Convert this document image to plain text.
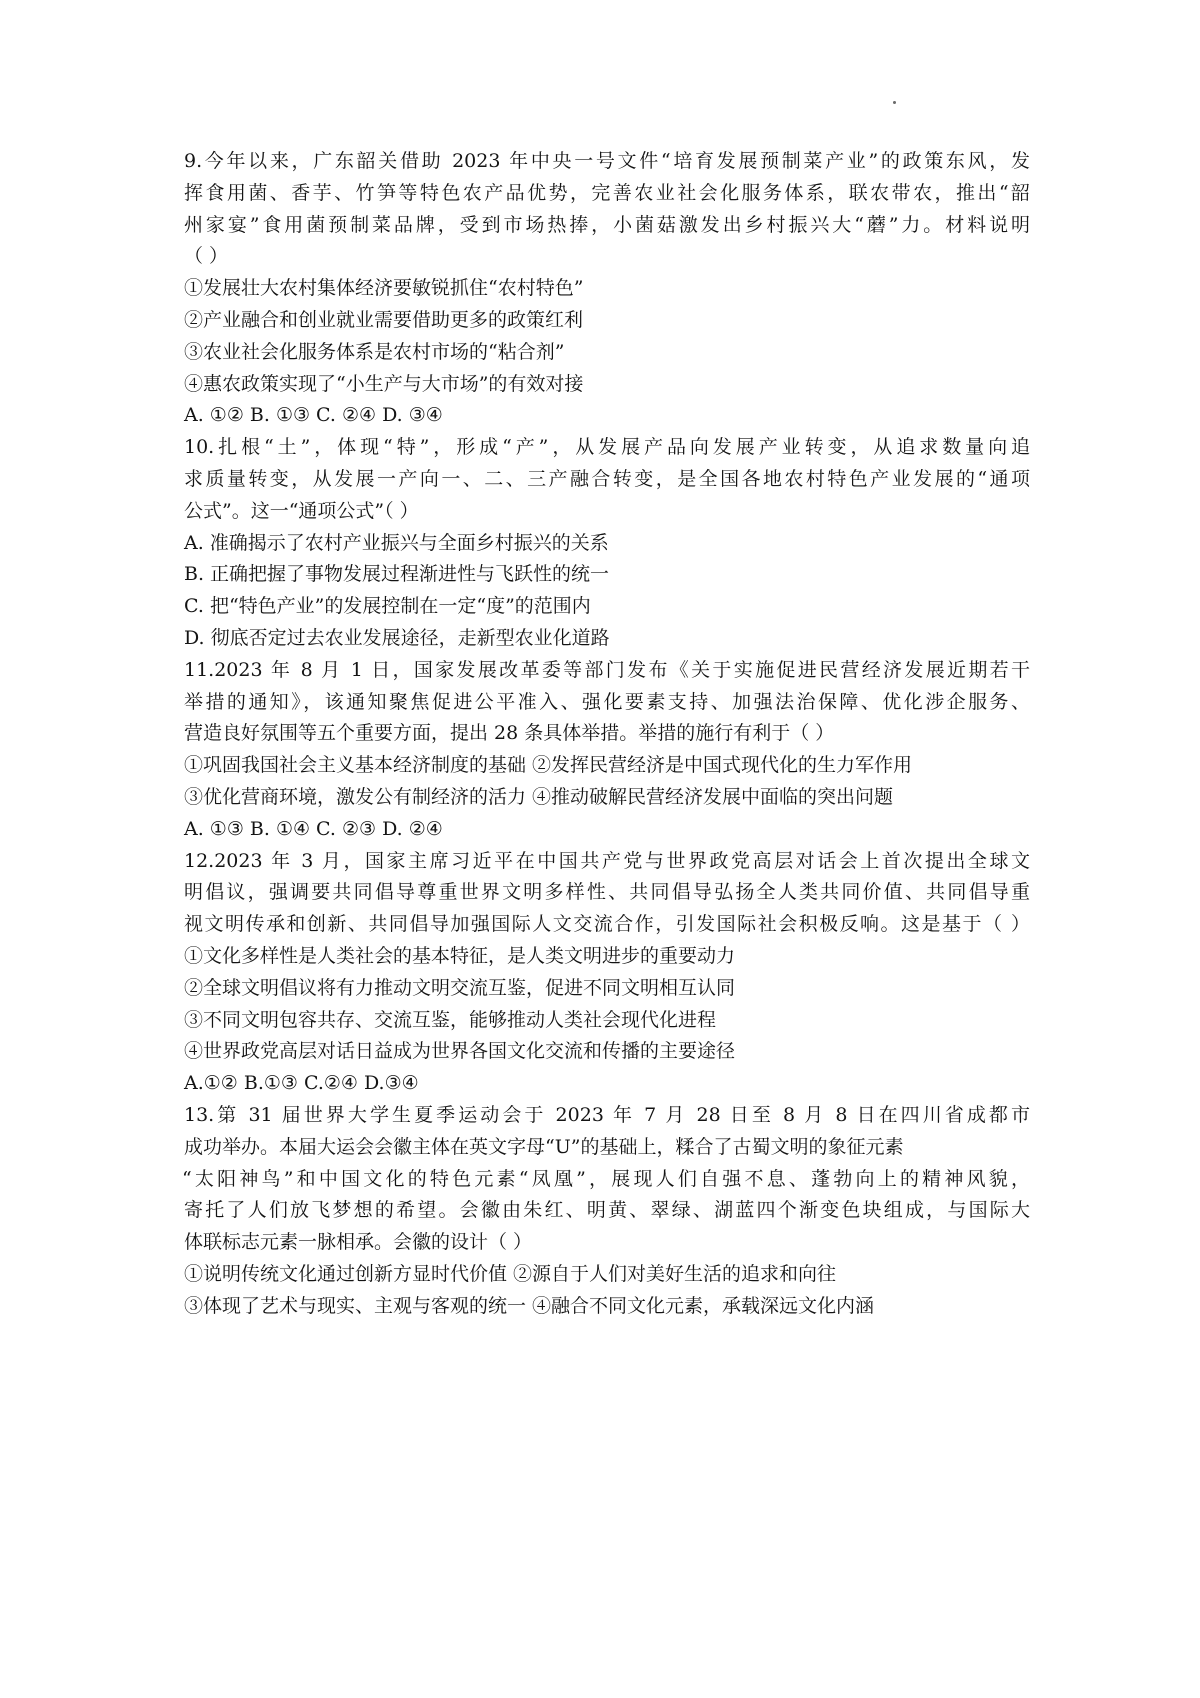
9.今年以来，广东韶关借助 2023 年中央一号文件“培育发展预制菜产业”的政策东风，发
挥食用菌、香芋、竹笋等特色农产品优势，完善农业社会化服务体系，联农带农，推出“韶
州家宴”食用菌预制菜品牌，受到市场热捧，小菌菇激发出乡村振兴大“蘑”力。材料说明
（ ）
①发展壮大农村集体经济要敏锐抓住“农村特色”
②产业融合和创业就业需要借助更多的政策红利
③农业社会化服务体系是农村市场的“粘合剂”
④惠农政策实现了“小生产与大市场”的有效对接
A. ①② B. ①③ C. ②④ D. ③④
10.扎根“土”，体现“特”，形成“产”，从发展产品向发展产业转变，从追求数量向追
求质量转变，从发展一产向一、二、三产融合转变，是全国各地农村特色产业发展的“通项
公式”。这一“通项公式”（ ）
A. 准确揭示了农村产业振兴与全面乡村振兴的关系
B. 正确把握了事物发展过程渐进性与飞跃性的统一
C. 把“特色产业”的发展控制在一定“度”的范围内
D. 彻底否定过去农业发展途径，走新型农业化道路
11.2023 年 8 月 1 日，国家发展改革委等部门发布《关于实施促进民营经济发展近期若干
举措的通知》，该通知聚焦促进公平准入、强化要素支持、加强法治保障、优化涉企服务、
营造良好氛围等五个重要方面，提出 28 条具体举措。举措的施行有利于（ ）
①巩固我国社会主义基本经济制度的基础 ②发挥民营经济是中国式现代化的生力军作用
③优化营商环境，激发公有制经济的活力 ④推动破解民营经济发展中面临的突出问题
A. ①③ B. ①④ C. ②③ D. ②④
12.2023 年 3 月，国家主席习近平在中国共产党与世界政党高层对话会上首次提出全球文
明倡议，强调要共同倡导尊重世界文明多样性、共同倡导弘扬全人类共同价值、共同倡导重
视文明传承和创新、共同倡导加强国际人文交流合作，引发国际社会积极反响。这是基于（ ）
①文化多样性是人类社会的基本特征，是人类文明进步的重要动力
②全球文明倡议将有力推动文明交流互鉴，促进不同文明相互认同
③不同文明包容共存、交流互鉴，能够推动人类社会现代化进程
④世界政党高层对话日益成为世界各国文化交流和传播的主要途径
A.①② B.①③ C.②④ D.③④
13.第 31 届世界大学生夏季运动会于 2023 年 7 月 28 日至 8 月 8 日在四川省成都市
成功举办。本届大运会会徽主体在英文字母“U”的基础上，糅合了古蜀文明的象征元素
“太阳神鸟”和中国文化的特色元素“凤凰”，展现人们自强不息、蓬勃向上的精神风貌，
寄托了人们放飞梦想的希望。会徽由朱红、明黄、翠绿、湖蓝四个渐变色块组成，与国际大
体联标志元素一脉相承。会徽的设计（ ）
①说明传统文化通过创新方显时代价值 ②源自于人们对美好生活的追求和向往
③体现了艺术与现实、主观与客观的统一 ④融合不同文化元素，承载深远文化内涵
